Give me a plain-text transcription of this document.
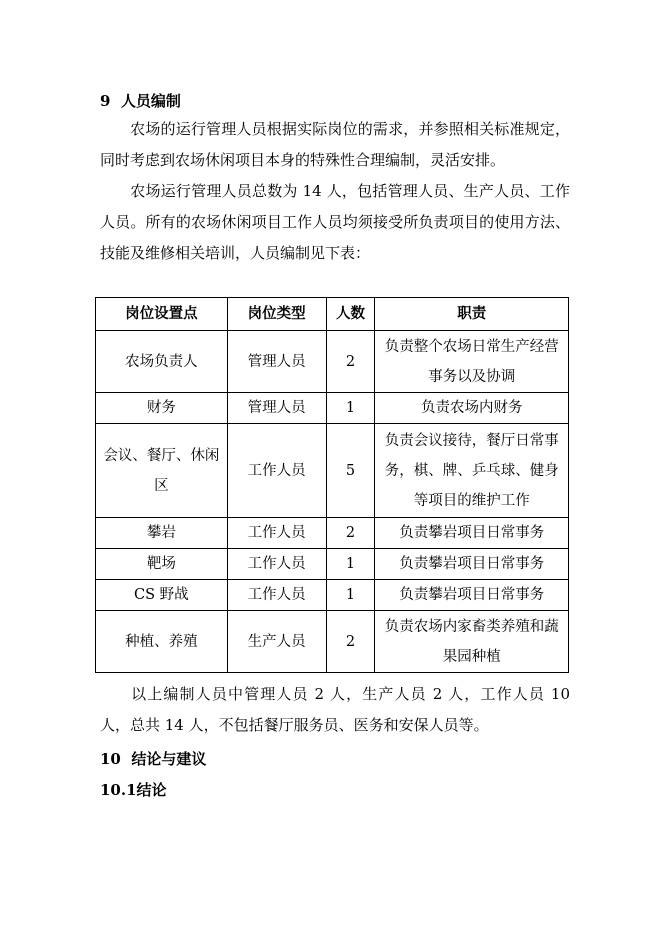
9 人员编制
农场的运行管理人员根据实际岗位的需求，并参照相关标准规定，同时考虑到农场休闲项目本身的特殊性合理编制，灵活安排。
农场运行管理人员总数为 14 人，包括管理人员、生产人员、工作人员。所有的农场休闲项目工作人员均须接受所负责项目的使用方法、技能及维修相关培训，人员编制见下表：
岗位设置点	岗位类型	人数	职责
农场负责人	管理人员	2	负责整个农场日常生产经营事务以及协调
财务	管理人员	1	负责农场内财务
会议、餐厅、休闲区	工作人员	5	负责会议接待，餐厅日常事务，棋、牌、乒乓球、健身等项目的维护工作
攀岩	工作人员	2	负责攀岩项目日常事务
靶场	工作人员	1	负责攀岩项目日常事务
CS 野战	工作人员	1	负责攀岩项目日常事务
种植、养殖	生产人员	2	负责农场内家畜类养殖和蔬果园种植
以上编制人员中管理人员 2 人，生产人员 2 人，工作人员 10 人，总共 14 人，不包括餐厅服务员、医务和安保人员等。
10 结论与建议
10.1结论
